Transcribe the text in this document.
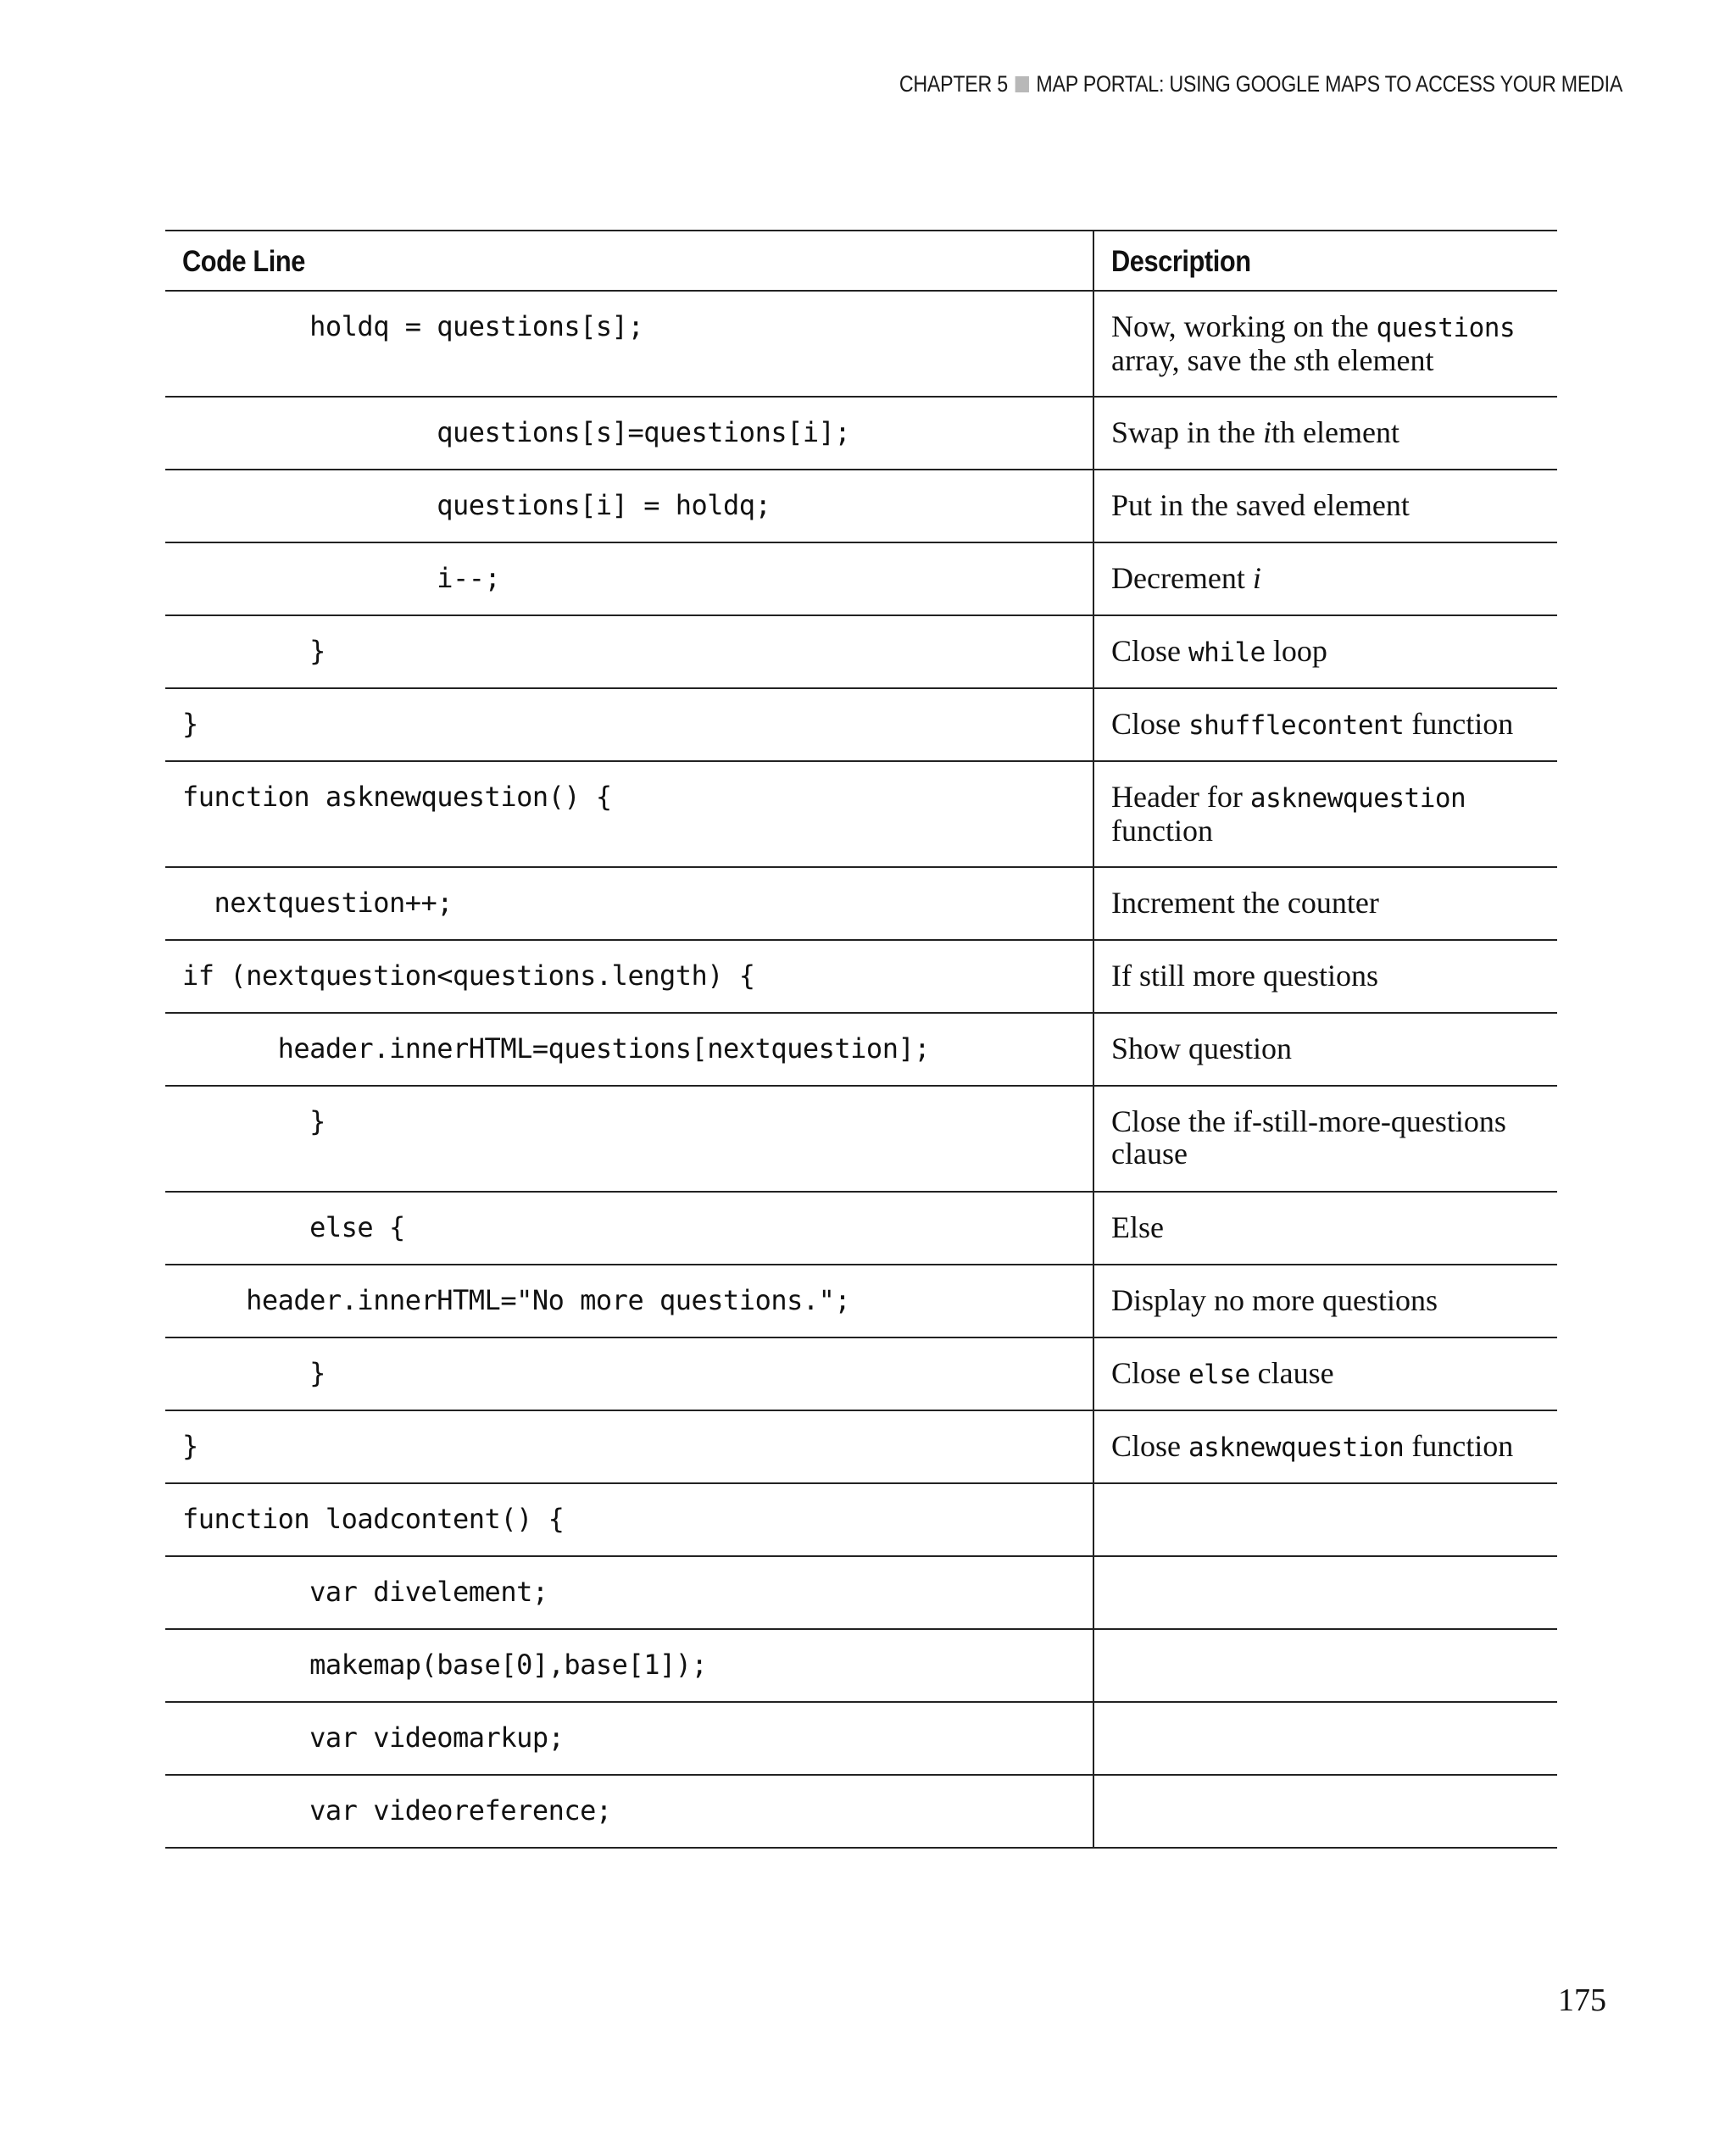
CHAPTER 5 MAP PORTAL: USING GOOGLE MAPS TO ACCESS YOUR MEDIA
Code Line	Description

holdq = questions[s];	Now, working on the questions array, save the sth element

questions[s]=questions[i];	Swap in the ith element

questions[i] = holdq;	Put in the saved element

i--;	Decrement i

}	Close while loop

}	Close shufflecontent function

function asknewquestion() {	Header for asknewquestion function

nextquestion++;	Increment the counter

if (nextquestion<questions.length) {	If still more questions

header.innerHTML=questions[nextquestion];	Show question

}	Close the if-still-more-questions clause

else {	Else

header.innerHTML="No more questions.";	Display no more questions

}	Close else clause

}	Close asknewquestion function

function loadcontent() {	

var divelement;	

makemap(base[0],base[1]);	

var videomarkup;	

var videoreference;	

175
